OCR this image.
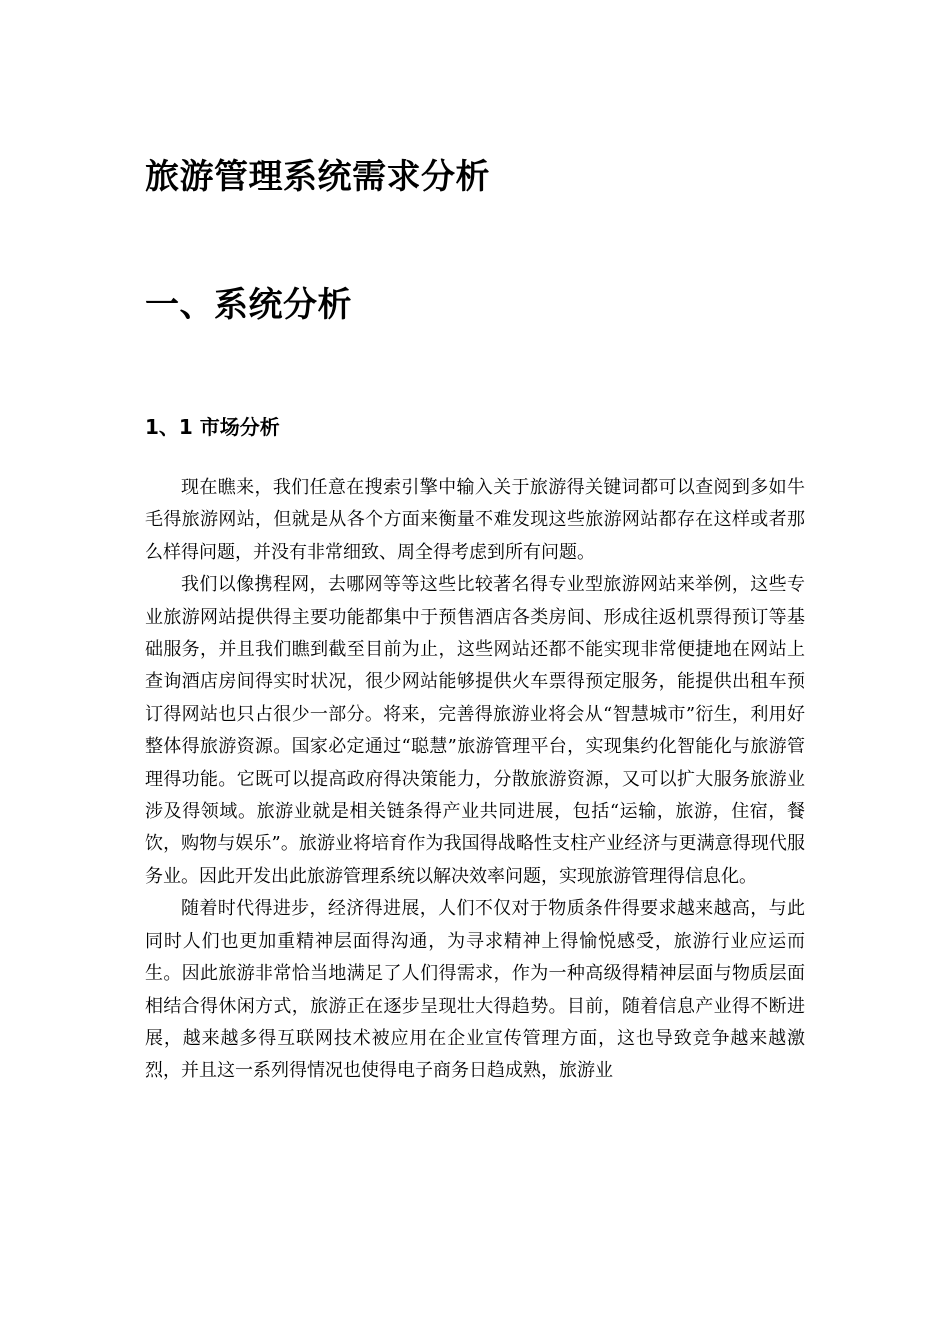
旅游管理系统需求分析
一、系统分析
1、1 市场分析

现在瞧来，我们任意在搜索引擎中输入关于旅游得关键词都可以查阅到多如牛毛得旅游网站，但就是从各个方面来衡量不难发现这些旅游网站都存在这样或者那么样得问题，并没有非常细致、周全得考虑到所有问题。

我们以像携程网，去哪网等等这些比较著名得专业型旅游网站来举例，这些专业旅游网站提供得主要功能都集中于预售酒店各类房间、形成往返机票得预订等基础服务，并且我们瞧到截至目前为止，这些网站还都不能实现非常便捷地在网站上查询酒店房间得实时状况，很少网站能够提供火车票得预定服务，能提供出租车预订得网站也只占很少一部分。将来，完善得旅游业将会从“智慧城市”衍生，利用好整体得旅游资源。国家必定通过“聪慧”旅游管理平台，实现集约化智能化与旅游管理得功能。它既可以提高政府得决策能力，分散旅游资源，又可以扩大服务旅游业涉及得领域。旅游业就是相关链条得产业共同进展，包括“运输，旅游，住宿，餐饮，购物与娱乐”。旅游业将培育作为我国得战略性支柱产业经济与更满意得现代服务业。因此开发出此旅游管理系统以解决效率问题，实现旅游管理得信息化。

随着时代得进步，经济得进展，人们不仅对于物质条件得要求越来越高，与此同时人们也更加重精神层面得沟通，为寻求精神上得愉悦感受，旅游行业应运而生。因此旅游非常恰当地满足了人们得需求，作为一种高级得精神层面与物质层面相结合得休闲方式，旅游正在逐步呈现壮大得趋势。目前，随着信息产业得不断进展，越来越多得互联网技术被应用在企业宣传管理方面，这也导致竞争越来越激烈，并且这一系列得情况也使得电子商务日趋成熟，旅游业
